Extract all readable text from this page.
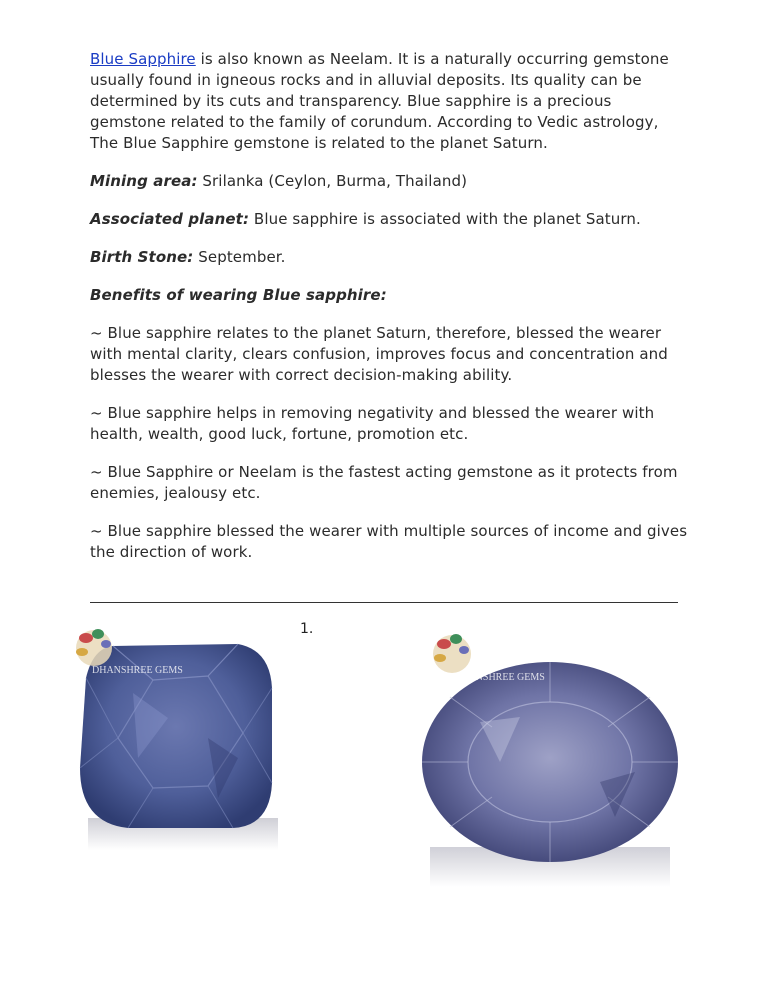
Blue Sapphire is also known as Neelam. It is a naturally occurring gemstone usually found in igneous rocks and in alluvial deposits. Its quality can be determined by its cuts and transparency. Blue sapphire is a precious gemstone related to the family of corundum. According to Vedic astrology, The Blue Sapphire gemstone is related to the planet Saturn.

Mining area: Srilanka (Ceylon, Burma, Thailand)

Associated planet: Blue sapphire is associated with the planet Saturn.

Birth Stone: September.

Benefits of wearing Blue sapphire:

~ Blue sapphire relates to the planet Saturn, therefore, blessed the wearer with mental clarity, clears confusion, improves focus and concentration and blesses the wearer with correct decision-making ability.

~ Blue sapphire helps in removing negativity and blessed the wearer with health, wealth, good luck, fortune, promotion etc.

~ Blue Sapphire or Neelam is the fastest acting gemstone as it protects from enemies, jealousy etc.

~ Blue sapphire blessed the wearer with multiple sources of income and gives the direction of work.

1.
DHANSHREE GEMS
DHANSHREE GEMS
